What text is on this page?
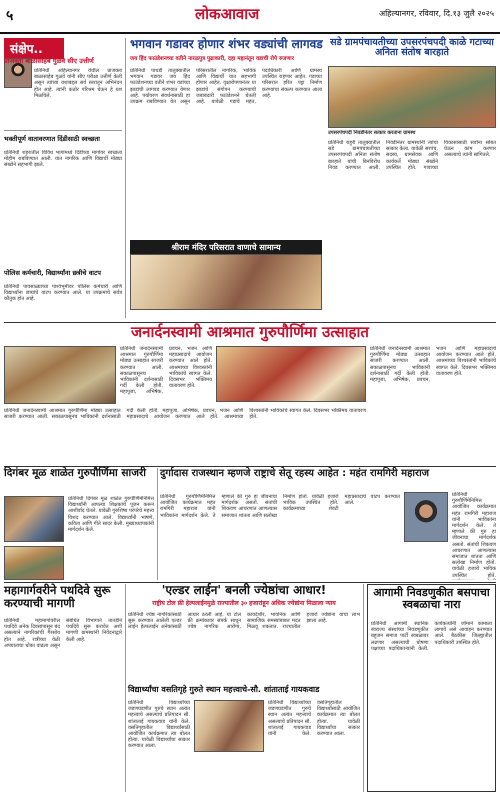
५	लोकआवाज	अहिल्यानगर, रविवार, दि.१३ जुलै २०२५
संक्षेप..
प्राजक्ता बाळासाहेब गुळवे सीए उत्तीर्ण
प्रतिनिधी अहिल्यानगर येथील प्राजक्ता बाळासाहेब गुळवे यांनी सीए परीक्षा उत्तीर्ण केली असून त्यांच्या यशाबद्दल सर्व स्तरातून अभिनंदन होत आहे. त्यांनी कठोर परिश्रम घेऊन हे यश मिळविले.
भक्तीपूर्ण वातावरणात दिंडीसाठी स्वच्छता
प्रतिनिधी शहरातील विविध भागांमध्ये दिंडीच्या मार्गावर स्वच्छता मोहीम राबविण्यात आली. यात नागरिक आणि विद्यार्थी मोठ्या संख्येने सहभागी झाले.
पोलिस कर्मचारी, विद्यार्थ्यांना छत्रीचे वाटप
प्रतिनिधी पावसाळ्याच्या पार्श्वभूमीवर पोलिस कर्मचारी आणि विद्यार्थ्यांना छत्र्यांचे वाटप करण्यात आले. या उपक्रमाचे सर्वत्र कौतुक होत आहे.
भगवान गडावर होणार शंभर वड्यांची लागवड
जय हिंद फाउंडेशनच्या वतीने नारळपुत्र पुढाकारी, दहा महानंतून वडाची रोपे रुजणार
प्रतिनिधी पाथर्डी तालुक्यातील भगवान गडावर जय हिंद फाउंडेशनच्या वतीने शंभर वडांच्या झाडांची लागवड करण्यात येणार आहे. पर्यावरण संवर्धनासाठी हा उपक्रम राबविण्यात येत असून परिसरातील नागरिक, भाविक आणि विद्यार्थी यात सहभागी होणार आहेत. वृक्षारोपणानंतर या झाडांचे संगोपन करण्याची जबाबदारी फाउंडेशनने घेतली आहे. यावेळी गडाचे महंत, पदाधिकारी आणि ग्रामस्थ उपस्थित राहणार आहेत. गडाच्या परिसरात हरित पट्टा निर्माण करण्याचा संकल्प करण्यात आला आहे.
सडे ग्रामपंचायतीच्या उपसरपंचपदी काळे गटाच्या अनिता संतोष बारहाते
उपसरपंचपदी निवडीनंतर सत्कार करताना ग्रामस्थ
प्रतिनिधी राहुरी तालुक्यातील सडे ग्रामपंचायतीच्या उपसरपंचपदी अनिता संतोष बारहाते यांची बिनविरोध निवड करण्यात आली. निवडीनंतर ग्रामस्थांनी त्यांचा सत्कार केला. यावेळी सरपंच, सदस्य, ग्रामसेवक आणि कार्यकर्ते मोठ्या संख्येने उपस्थित होते. गावाच्या विकासासाठी सर्वांना सोबत घेऊन काम करणार असल्याचे त्यांनी सांगितले.
श्रीराम मंदिर परिसरात वाणाचे सामान्य
जनार्दनस्वामी आश्रमात गुरुपौर्णिमा उत्साहात
प्रतिनिधी जनार्दनस्वामी आश्रमात गुरुपौर्णिमा मोठ्या उत्साहात साजरी करण्यात आली. सकाळपासूनच भाविकांनी दर्शनासाठी गर्दी केली होती. महापूजा, अभिषेक, प्रवचन, भजन आणि महाप्रसादाचे आयोजन करण्यात आले होते. आश्रमाच्या विश्वस्तांनी भाविकांचे स्वागत केले. दिवसभर भक्तिमय वातावरण होते.
प्रतिनिधी जनार्दनस्वामी आश्रमात गुरुपौर्णिमा मोठ्या उत्साहात साजरी करण्यात आली. सकाळपासूनच भाविकांनी दर्शनासाठी गर्दी केली होती. महापूजा, अभिषेक, प्रवचन, भजन आणि महाप्रसादाचे आयोजन करण्यात आले होते. आश्रमाच्या विश्वस्तांनी भाविकांचे स्वागत केले. दिवसभर भक्तिमय वातावरण होते.
प्रतिनिधी जनार्दनस्वामी आश्रमात गुरुपौर्णिमा मोठ्या उत्साहात साजरी करण्यात आली. सकाळपासूनच भाविकांनी दर्शनासाठी गर्दी केली होती. महापूजा, अभिषेक, प्रवचन, भजन आणि महाप्रसादाचे आयोजन करण्यात आले होते. आश्रमाच्या विश्वस्तांनी भाविकांचे स्वागत केले. दिवसभर भक्तिमय वातावरण होते.
दिगंबर मूळ शाळेत गुरुपौर्णिमा साजरी
प्रतिनिधी दिगंबर मूळ शाळेत गुरुपौर्णिमेनिमित्त विद्यार्थ्यांनी आपल्या शिक्षकांचे पूजन करून आशीर्वाद घेतले. यावेळी गुरुशिष्य परंपरेचे महत्त्व विशद करण्यात आले. विद्यार्थ्यांनी भाषणे, कविता आणि गीते सादर केली. मुख्याध्यापकांनी मार्गदर्शन केले.
दुर्गादास राजस्थान म्हणजे राष्ट्राचे सेतू रहस्य आहेत : महंत रामगिरी महाराज
प्रतिनिधी गुरुपौर्णिमेनिमित्त आयोजित कार्यक्रमात महंत रामगिरी महाराज यांनी भाविकांना मार्गदर्शन केले. ते म्हणाले की गुरु हा जीवनाचा मार्गदर्शक असतो. संतांची शिकवण आचरणात आणल्यास समाजात शांतता आणि सलोखा निर्माण होतो. यावेळी हजारो भाविक उपस्थित होते. कार्यक्रमाच्या शेवटी महाप्रसादाचे वाटप करण्यात आले.
प्रतिनिधी गुरुपौर्णिमेनिमित्त आयोजित कार्यक्रमात महंत रामगिरी महाराज यांनी भाविकांना मार्गदर्शन केले. ते म्हणाले की गुरु हा जीवनाचा मार्गदर्शक असतो. संतांची शिकवण आचरणात आणल्यास समाजात शांतता आणि सलोखा निर्माण होतो. यावेळी हजारो भाविक उपस्थित होते.
महागार्गवरीने पथदिवे सुरू करण्याची मागणी
प्रतिनिधी महामार्गावरील पथदिवे अनेक दिवसांपासून बंद असल्याने नागरिकांची गैरसोय होत आहे. रात्रीच्या वेळी अपघाताचा धोका वाढला असून संबंधित विभागाने तातडीने पथदिवे सुरू करावेत अशी मागणी ग्रामस्थांनी निवेदनाद्वारे केली आहे.
'एल्डर लाईन' बनली ज्येष्ठांचा आधार!
राष्ट्रीय टोल फ्री हेल्पलाईनमुळे राज्यातील ३० हजारांहून अधिक ज्येष्ठांना मिळाला न्याय
प्रतिनिधी ज्येष्ठ नागरिकांसाठी सुरू करण्यात आलेली एल्डर लाईन हेल्पलाईन अनेकांसाठी आधार ठरली आहे. या टोल फ्री क्रमांकावर संपर्क साधून ज्येष्ठ नागरिक आरोग्य, कायदेशीर, भावनिक आणि सामाजिक समस्यांबाबत मदत मिळवू शकतात. राज्यातील हजारो ज्येष्ठांना याचा लाभ झाला आहे.
विद्यार्थ्यांचा वसतिगृहे गुरुते स्थान महत्त्वाचे-सौ. शांताताई गायकवाड
प्रतिनिधी विद्यार्थ्यांच्या जडणघडणीत गुरुचे स्थान अत्यंत महत्त्वाचे असल्याचे प्रतिपादन सौ. शांताताई गायकवाड यांनी केले. वसतिगृहातील विद्यार्थ्यांसाठी आयोजित कार्यक्रमात त्या बोलत होत्या. यावेळी विद्यार्थ्यांचा सत्कार करण्यात आला.
प्रतिनिधी विद्यार्थ्यांच्या जडणघडणीत गुरुचे स्थान अत्यंत महत्त्वाचे असल्याचे प्रतिपादन सौ. शांताताई गायकवाड यांनी केले. वसतिगृहातील विद्यार्थ्यांसाठी आयोजित कार्यक्रमात त्या बोलत होत्या. यावेळी विद्यार्थ्यांचा सत्कार करण्यात आला.
आगामी निवडणुकीत बसपाचा स्वबळाचा नारा
प्रतिनिधी आगामी स्थानिक स्वराज्य संस्थांच्या निवडणुकीत बहुजन समाज पार्टी स्वबळावर लढणार असल्याची घोषणा पक्षाच्या पदाधिकाऱ्यांनी केली. कार्यकर्त्यांनी जोमाने कामाला लागावे असे आवाहन करण्यात आले. बैठकीस जिल्ह्यातील पदाधिकारी उपस्थित होते.
